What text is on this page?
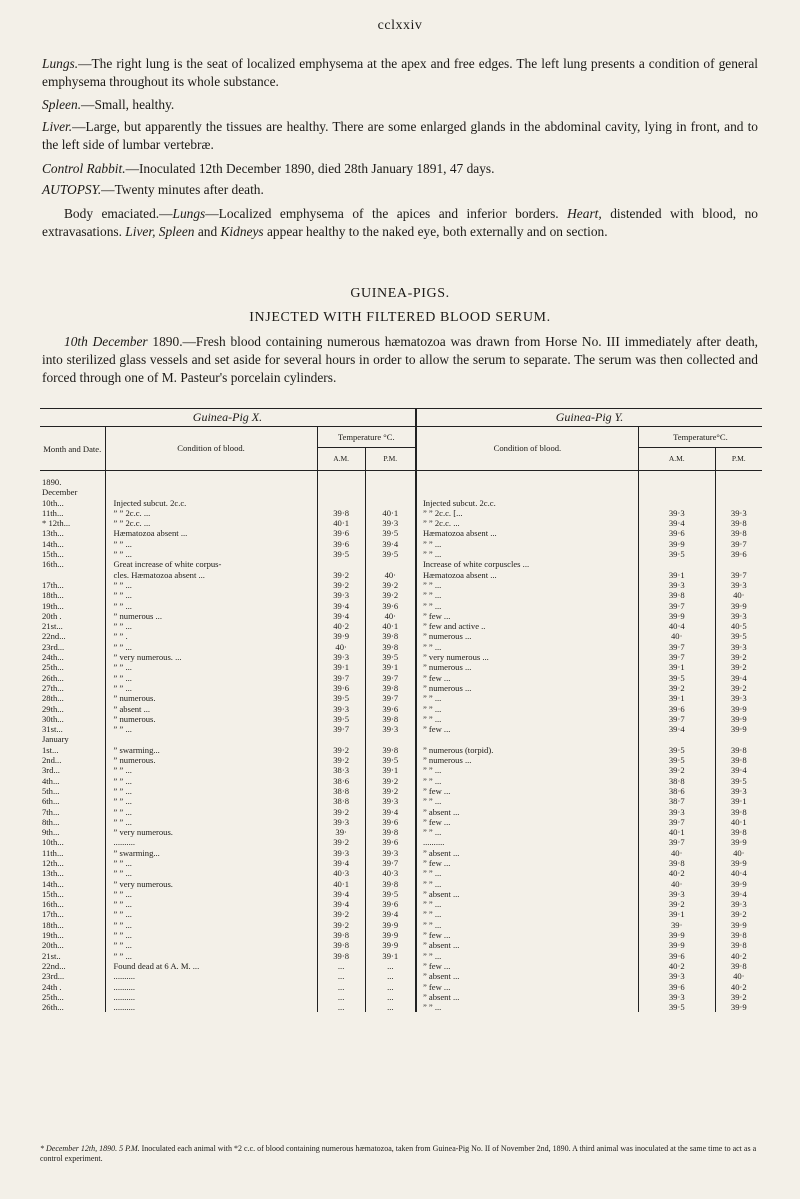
cclxxiv
Lungs.—The right lung is the seat of localized emphysema at the apex and free edges. The left lung presents a condition of general emphysema throughout its whole substance.
Spleen.—Small, healthy.
Liver.—Large, but apparently the tissues are healthy. There are some enlarged glands in the abdominal cavity, lying in front, and to the left side of lumbar vertebræ.
Control Rabbit.—Inoculated 12th December 1890, died 28th January 1891, 47 days.
AUTOPSY.—Twenty minutes after death.
Body emaciated.—Lungs—Localized emphysema of the apices and inferior borders. Heart, distended with blood, no extravasations. Liver, Spleen and Kidneys appear healthy to the naked eye, both externally and on section.
GUINEA-PIGS.
INJECTED WITH FILTERED BLOOD SERUM.
10th December 1890.—Fresh blood containing numerous hæmatozoa was drawn from Horse No. III immediately after death, into sterilized glass vessels and set aside for several hours in order to allow the serum to separate. The serum was then collected and forced through one of M. Pasteur's porcelain cylinders.
Guinea-Pig X.				Guinea-Pig Y.		
Month and Date.	Condition of blood.	Temperature °C.		Condition of blood.	Temperature°C.	
		A.M.	P.M.		A.M.	P.M.

1890.						
December						
10th...	Injected subcut. 2c.c.			Injected subcut. 2c.c.		
11th...	” ” 2c.c. ...	39·8	40·1	” ” 2c.c. [...	39·3	39·3
* 12th...	” ” 2c.c. ...	40·1	39·3	” ” 2c.c. ...	39·4	39·8
13th...	Hæmatozoa absent ...	39·6	39·5	Hæmatozoa absent ...	39·6	39·8
14th...	” ” ...	39·6	39·4	” ” ...	39·9	39·7
15th...	” ” ...	39·5	39·5	” ” ...	39·5	39·6
16th...	Great increase of white corpus-			Increase of white corpuscles ...		
	cles. Hæmatozoa absent ...	39·2	40·	Hæmatozoa absent ...	39·1	39·7
17th...	” ” ...	39·2	39·2	” ” ...	39·3	39·3
18th...	” ” ...	39·3	39·2	” ” ...	39·8	40·
19th...	” ” ...	39·4	39·6	” ” ...	39·7	39·9
20th .	” numerous ...	39·4	40·	” few ...	39·9	39·3
21st...	” ” ...	40·2	40·1	” few and active ..	40·4	40·5
22nd...	” ” .	39·9	39·8	” numerous ...	40·	39·5
23rd...	” ” ...	40·	39·8	” ” ...	39·7	39·3
24th...	” very numerous. ...	39·3	39·5	” very numerous ...	39·7	39·2
25th...	” ” ...	39·1	39·1	” numerous ...	39·1	39·2
26th...	” ” ...	39·7	39·7	” few ...	39·5	39·4
27th...	” ” ...	39·6	39·8	” numerous ...	39·2	39·2
28th...	” numerous.	39·5	39·7	” ” ...	39·1	39·3
29th...	” absent ...	39·3	39·6	” ” ...	39·6	39·9
30th...	” numerous.	39·5	39·8	” ” ...	39·7	39·9
31st...	” ” ...	39·7	39·3	” few ...	39·4	39·9
January						
1st...	” swarming...	39·2	39·8	” numerous (torpid).	39·5	39·8
2nd...	” numerous.	39·2	39·5	” numerous ...	39·5	39·8
3rd...	” ” ...	38·3	39·1	” ” ...	39·2	39·4
4th...	” ” ...	38·6	39·2	” ” ...	38·8	39·5
5th...	” ” ...	38·8	39·2	” few ...	38·6	39·3
6th...	” ” ...	38·8	39·3	” ” ...	38·7	39·1
7th...	” ” ...	39·2	39·4	” absent ...	39·3	39·8
8th...	” ” ...	39·3	39·6	” few ...	39·7	40·1
9th...	” very numerous.	39·	39·8	” ” ...	40·1	39·8
10th...	..........	39·2	39·6	..........	39·7	39·9
11th...	” swarming...	39·3	39·3	” absent ...	40·	40·
12th...	” ” ...	39·4	39·7	” few ...	39·8	39·9
13th...	” ” ...	40·3	40·3	” ” ...	40·2	40·4
14th...	” very numerous.	40·1	39·8	” ” ...	40·	39·9
15th...	” ” ...	39·4	39·5	” absent ...	39·3	39·4
16th...	” ” ...	39·4	39·6	” ” ...	39·2	39·3
17th...	” ” ...	39·2	39·4	” ” ...	39·1	39·2
18th...	” ” ...	39·2	39·9	” ” ...	39·	39·9
19th...	” ” ...	39·8	39·9	” few ...	39·9	39·8
20th...	” ” ...	39·8	39·9	” absent ...	39·9	39·8
21st..	” ” ...	39·8	39·1	” ” ...	39·6	40·2
22nd...	Found dead at 6 A. M. ...	...	...	” few ...	40·2	39·8
23rd...	..........	...	...	” absent ...	39·3	40·
24th .	..........	...	...	” few ...	39·6	40·2
25th...	..........	...	...	” absent ...	39·3	39·2
26th...	..........	...	...	” ” ...	39·5	39·9
* December 12th, 1890. 5 P.M. Inoculated each animal with *2 c.c. of blood containing numerous hæmatozoa, taken from Guinea-Pig No. II of November 2nd, 1890. A third animal was inoculated at the same time to act as a control experiment.
